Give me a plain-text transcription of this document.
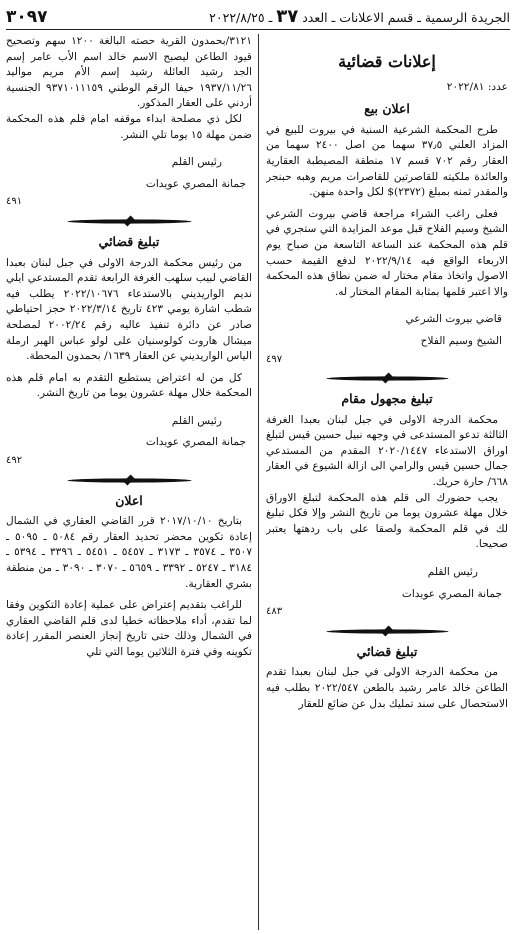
الجريدة الرسمية ـ قسم الاعلانات ـ العدد ٣٧ ـ ٢٠٢٢/٨/٢٥
٣٠٩٧
إعلانات قضائية
عدد: ٢٠٢٢/٨١
اعلان بيع

طرح المحكمة الشرعية السنية في بيروت للبيع في المزاد العلني ٣٧٫٥ سهما من اصل ٢٤٠٠ سهما من العقار رقم ٧٠٢ قسم ١٧ منطقة المصيطبة العقارية والعائدة ملكيته للقاصرتين للقاصرات مريم وهبه حبنجر والمقدر ثمنه بمبلغ (٢٣٧٢)$ لكل واحدة منهن.

فعلى راغب الشراء مراجعة قاضي بيروت الشرعي الشيخ وسيم الفلاح قبل موعد المزايدة التي ستجري في قلم هذه المحكمة عند الساعة التاسعة من صباح يوم الاربعاء الواقع فيه ٢٠٢٢/٩/١٤ لدفع القيمة حسب الاصول واتخاذ مقام مختار له ضمن نطاق هذه المحكمة والا اعتبر قلمها بمثابة المقام المختار له.

قاضي بيروت الشرعي
الشيخ وسيم الفلاح
٤٩٧
تبليغ مجهول مقام

محكمة الدرجة الاولى في جبل لبنان بعبدا الغرفة الثالثة تدعو المستدعى في وجهه نبيل حسين قيس لتبلغ اوراق الاستدعاء ٢٠٢٠/١٤٤٧ المقدم من المستدعي جمال حسين قيس والرامي الى ازالة الشيوع في العقار ٦٦٨/ حارة حريك.

يجب حضورك الى قلم هذه المحكمة لتبلغ الاوراق خلال مهلة عشرون يوما من تاريخ النشر وإلا فكل تبليغ لك في قلم المحكمة ولصقا على باب ردهتها يعتبر صحيحا.

رئيس القلم
جمانة المصري عويدات
٤٨٣
تبليغ قضائي

من محكمة الدرجة الاولى في جبل لبنان بعبدا تقدم الطاعن خالد عامر رشيد بالطعن ٢٠٢٢/٥٤٧ بطلب فيه الاستحصال على سند تمليك بدل عن ضائع للعقار

٣١٢١/بحمدون القرية حصته البالغة ١٢٠٠ سهم وتصحيح قيود الطاعن ليصبح الاسم خالد اسم الأب عامر إسم الجد رشيد العائلة رشيد إسم الأم مريم مواليد ١٩٣٧/١١/٢٦ حيفا الرقم الوطني ٩٣٧١٠١١١٥٩ الجنسية أردني على العقار المذكور.

لكل ذي مصلحة ابداء موقفه امام قلم هذه المحكمة ضمن مهلة ١٥ يوما تلي النشر.

رئيس القلم
جمانة المصري عويدات
٤٩١
تبليغ قضائي

من رئيس محكمة الدرجة الاولى في جبل لبنان بعبدا القاضي لبيب سلهب الغرفة الرابعة تقدم المستدعي ايلي نديم الواريديني بالاستدعاء ٢٠٢٢/١٠٦٧٦ يطلب فيه شطب اشارة يومي ٤٢٣ تاريخ ٢٠٢٢/٣/١٤ حجز احتياطي صادر عن دائرة تنفيذ عاليه رقم ٢٠٠٢/٢٤ لمصلحة ميشال هاروت كولوسنيان على لولو عباس الهبر ارملة الياس الواريديني عن العقار ١٦٣٩/ بحمدون المحطة.

كل من له اعتراض يستطيع التقدم به امام قلم هذه المحكمة خلال مهلة عشرون يوما من تاريخ النشر.

رئيس القلم
جمانة المصري عويدات
٤٩٢
اعلان

بتاريخ ٢٠١٧/١٠/١٠ قرر القاضي العقاري في الشمال إعادة تكوين محضر تحديد العقار رقم ٥٠٨٤ ـ ٥٠٩٥ ـ ٣٥٠٧ ـ ٣٥٧٤ ـ ٣١٧٣ ـ ٥٤٥٧ ـ ٥٤٥١ ـ ٣٣٩٦ ـ ٥٣٩٤ ـ ٣١٨٤ ـ ٥٢٤٧ ـ ٣٣٩٢ ـ ٥٦٥٩ ـ ٣٠٧٠ ـ ٣٠٩٠ ـ من منطقة بشري العقارية.

للراغب بتقديم إعتراض على عملية إعادة التكوين وفقا لما تقدم، أداء ملاحظاته خطيا لدى قلم القاضي العقاري في الشمال وذلك حتى تاريخ إنجاز العنصر المقرر إعادة تكوينه وفي فترة الثلاثين يوما التي تلي
